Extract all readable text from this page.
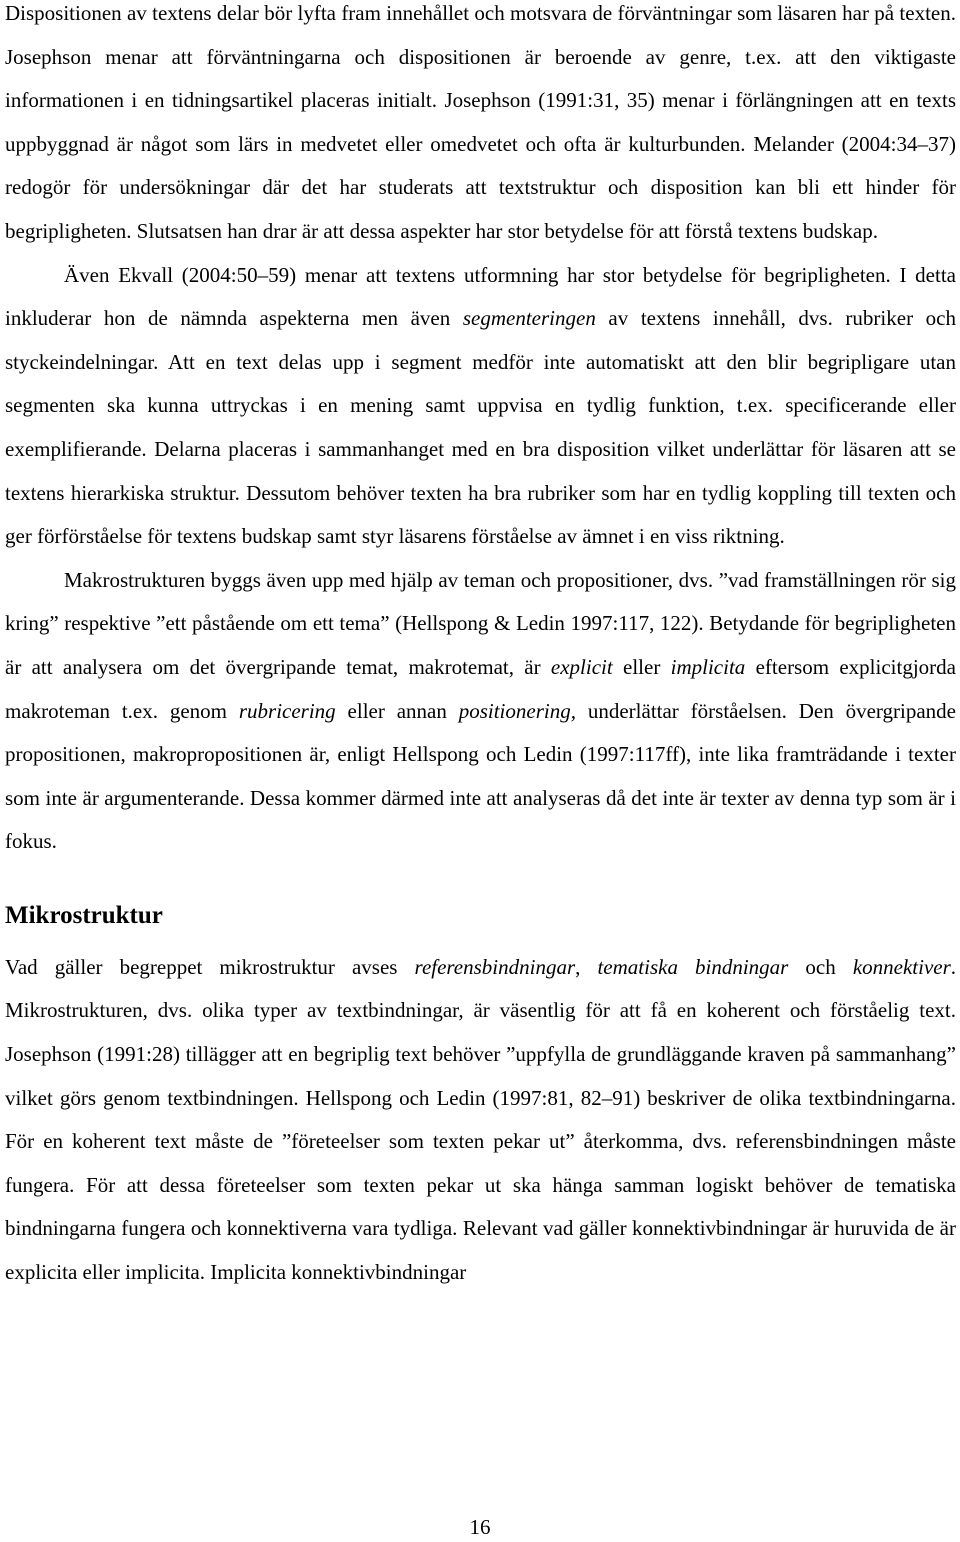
Dispositionen av textens delar bör lyfta fram innehållet och motsvara de förväntningar som läsaren har på texten. Josephson menar att förväntningarna och dispositionen är beroende av genre, t.ex. att den viktigaste informationen i en tidningsartikel placeras initialt. Josephson (1991:31, 35) menar i förlängningen att en texts uppbyggnad är något som lärs in medvetet eller omedvetet och ofta är kulturbunden. Melander (2004:34‒37) redogör för undersökningar där det har studerats att textstruktur och disposition kan bli ett hinder för begripligheten. Slutsatsen han drar är att dessa aspekter har stor betydelse för att förstå textens budskap.

Även Ekvall (2004:50‒59) menar att textens utformning har stor betydelse för begripligheten. I detta inkluderar hon de nämnda aspekterna men även segmenteringen av textens innehåll, dvs. rubriker och styckeindelningar. Att en text delas upp i segment medför inte automatiskt att den blir begripligare utan segmenten ska kunna uttryckas i en mening samt uppvisa en tydlig funktion, t.ex. specificerande eller exemplifierande. Delarna placeras i sammanhanget med en bra disposition vilket underlättar för läsaren att se textens hierarkiska struktur. Dessutom behöver texten ha bra rubriker som har en tydlig koppling till texten och ger förförståelse för textens budskap samt styr läsarens förståelse av ämnet i en viss riktning.

Makrostrukturen byggs även upp med hjälp av teman och propositioner, dvs. ”vad framställningen rör sig kring” respektive ”ett påstående om ett tema” (Hellspong & Ledin 1997:117, 122). Betydande för begripligheten är att analysera om det övergripande temat, makrotemat, är explicit eller implicita eftersom explicitgjorda makroteman t.ex. genom rubricering eller annan positionering, underlättar förståelsen. Den övergripande propositionen, makropropositionen är, enligt Hellspong och Ledin (1997:117ff), inte lika framträdande i texter som inte är argumenterande. Dessa kommer därmed inte att analyseras då det inte är texter av denna typ som är i fokus.

Mikrostruktur

Vad gäller begreppet mikrostruktur avses referensbindningar, tematiska bindningar och konnektiver. Mikrostrukturen, dvs. olika typer av textbindningar, är väsentlig för att få en koherent och förståelig text. Josephson (1991:28) tillägger att en begriplig text behöver ”uppfylla de grundläggande kraven på sammanhang” vilket görs genom textbindningen. Hellspong och Ledin (1997:81, 82‒91) beskriver de olika textbindningarna. För en koherent text måste de ”företeelser som texten pekar ut” återkomma, dvs. referensbindningen måste fungera. För att dessa företeelser som texten pekar ut ska hänga samman logiskt behöver de tematiska bindningarna fungera och konnektiverna vara tydliga. Relevant vad gäller konnektivbindningar är huruvida de är explicita eller implicita. Implicita konnektivbindningar

16
